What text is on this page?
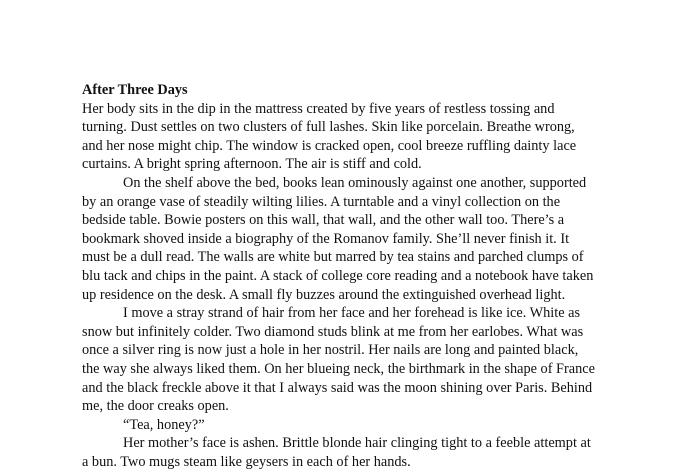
After Three Days

Her body sits in the dip in the mattress created by five years of restless tossing and turning. Dust settles on two clusters of full lashes. Skin like porcelain. Breathe wrong, and her nose might chip. The window is cracked open, cool breeze ruffling dainty lace curtains. A bright spring afternoon. The air is stiff and cold.

On the shelf above the bed, books lean ominously against one another, supported by an orange vase of steadily wilting lilies. A turntable and a vinyl collection on the bedside table. Bowie posters on this wall, that wall, and the other wall too. There’s a bookmark shoved inside a biography of the Romanov family. She’ll never finish it. It must be a dull read. The walls are white but marred by tea stains and parched clumps of blu tack and chips in the paint. A stack of college core reading and a notebook have taken up residence on the desk. A small fly buzzes around the extinguished overhead light.

I move a stray strand of hair from her face and her forehead is like ice. White as snow but infinitely colder. Two diamond studs blink at me from her earlobes. What was once a silver ring is now just a hole in her nostril. Her nails are long and painted black, the way she always liked them. On her blueing neck, the birthmark in the shape of France and the black freckle above it that I always said was the moon shining over Paris. Behind me, the door creaks open.

“Tea, honey?”

Her mother’s face is ashen. Brittle blonde hair clinging tight to a feeble attempt at a bun. Two mugs steam like geysers in each of her hands.
